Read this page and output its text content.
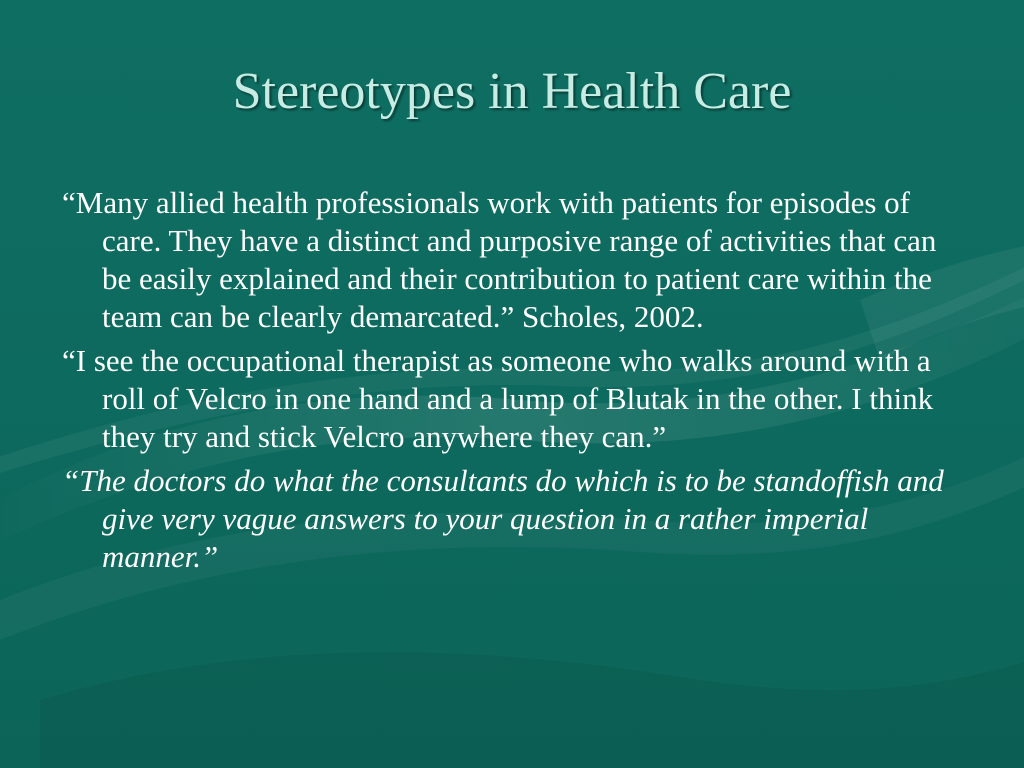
Stereotypes in Health Care

“Many allied health professionals work with patients for episodes of care. They have a distinct and purposive range of activities that can be easily explained and their contribution to patient care within the team can be clearly demarcated.” Scholes, 2002.

“I see the occupational therapist as someone who walks around with a roll of Velcro in one hand and a lump of Blutak in the other. I think they try and stick Velcro anywhere they can.”

“The doctors do what the consultants do which is to be standoffish and give very vague answers to your question in a rather imperial manner.”
